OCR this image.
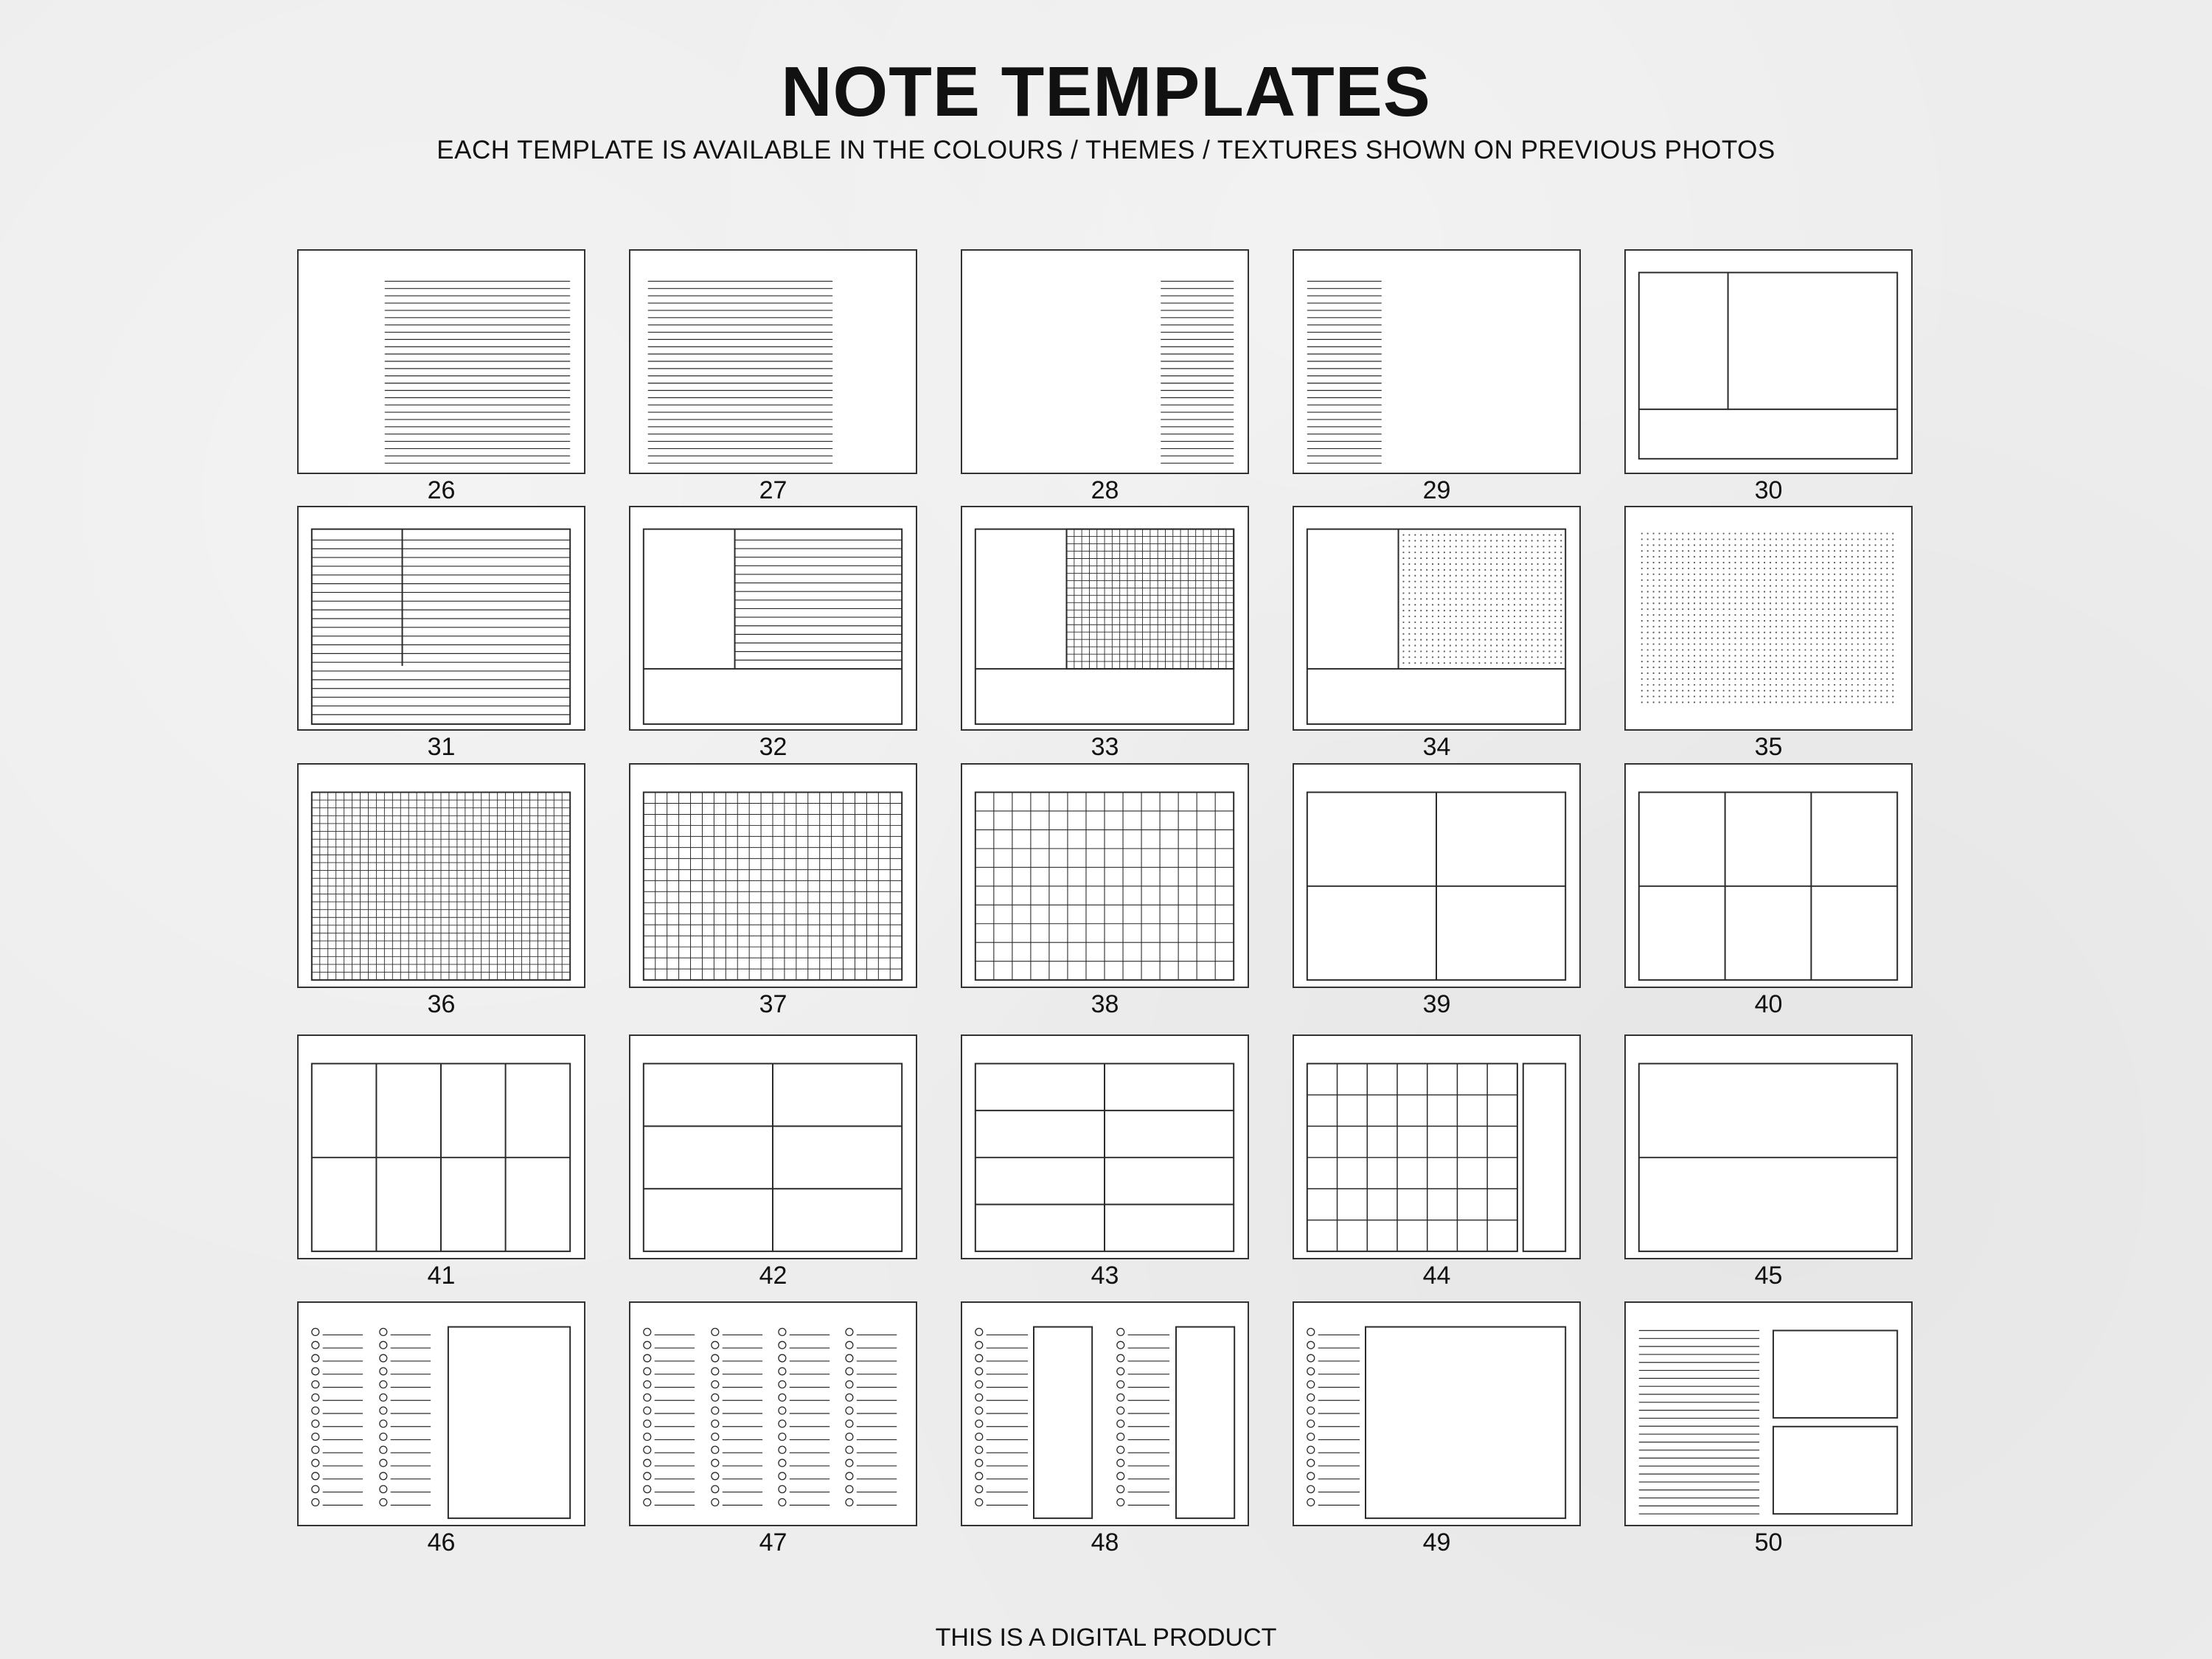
NOTE TEMPLATES
EACH TEMPLATE IS AVAILABLE IN THE COLOURS / THEMES / TEXTURES SHOWN ON PREVIOUS PHOTOS
26	27	28	29	30
31	32	33	34	35
36	37	38	39	40
41	42	43	44	45
46	47	48	49	50
THIS IS A DIGITAL PRODUCT
